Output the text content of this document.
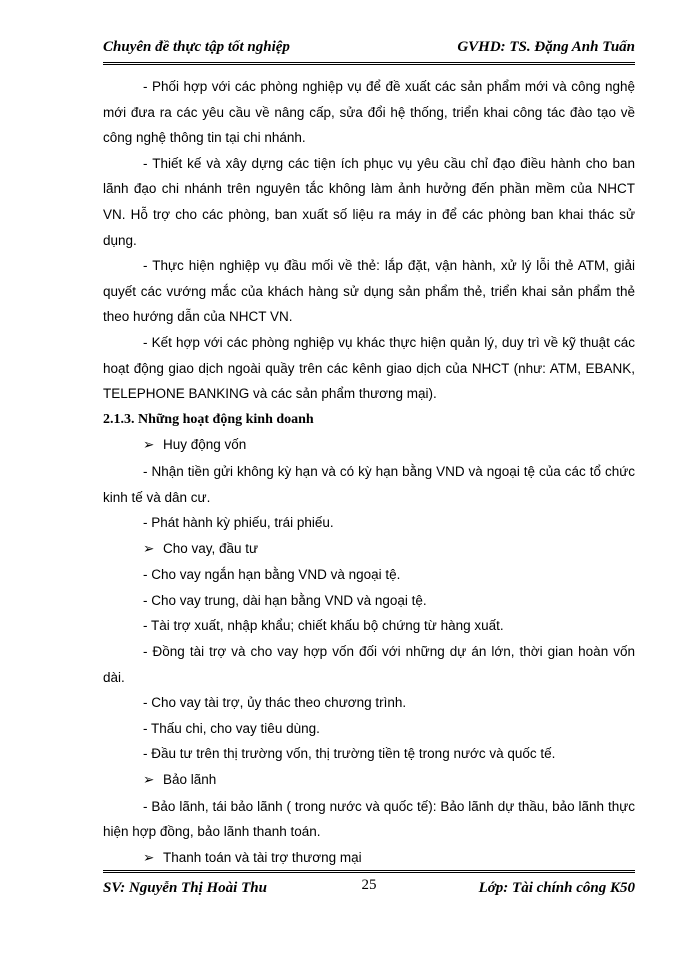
Chuyên đề thực tập tốt nghiệp	GVHD: TS. Đặng Anh Tuấn

- Phối hợp với các phòng nghiệp vụ để đề xuất các sản phẩm mới và công nghệ mới đưa ra các yêu cầu về nâng cấp, sửa đổi hệ thống, triển khai công tác đào tạo về công nghệ thông tin tại chi nhánh.

- Thiết kế và xây dựng các tiện ích phục vụ yêu cầu chỉ đạo điều hành cho ban lãnh đạo chi nhánh trên nguyên tắc không làm ảnh hưởng đến phần mềm của NHCT VN. Hỗ trợ cho các phòng, ban xuất số liệu ra máy in để các phòng ban khai thác sử dụng.

- Thực hiện nghiệp vụ đầu mối về thẻ: lắp đặt, vận hành, xử lý lỗi thẻ ATM, giải quyết các vướng mắc của khách hàng sử dụng sản phẩm thẻ, triển khai sản phẩm thẻ theo hướng dẫn của NHCT VN.

- Kết hợp với các phòng nghiệp vụ khác thực hiện quản lý, duy trì về kỹ thuật các hoạt động giao dịch ngoài quầy trên các kênh giao dịch của NHCT (như: ATM, EBANK, TELEPHONE BANKING và các sản phẩm thương mại).

2.1.3. Những hoạt động kinh doanh

➢ Huy động vốn

- Nhận tiền gửi không kỳ hạn và có kỳ hạn bằng VND và ngoại tệ của các tổ chức kinh tế và dân cư.

- Phát hành kỳ phiếu, trái phiếu.

➢ Cho vay, đầu tư

- Cho vay ngắn hạn bằng VND và ngoại tệ.

- Cho vay trung, dài hạn bằng VND và ngoại tệ.

- Tài trợ xuất, nhập khẩu; chiết khấu bộ chứng từ hàng xuất.

- Đồng tài trợ và cho vay hợp vốn đối với những dự án lớn, thời gian hoàn vốn dài.

- Cho vay tài trợ, ủy thác theo chương trình.

- Thấu chi, cho vay tiêu dùng.

- Đầu tư trên thị trường vốn, thị trường tiền tệ trong nước và quốc tế.

➢ Bảo lãnh

- Bảo lãnh, tái bảo lãnh ( trong nước và quốc tế): Bảo lãnh dự thầu, bảo lãnh thực hiện hợp đồng, bảo lãnh thanh toán.

➢ Thanh toán và tài trợ thương mại

SV: Nguyễn Thị Hoài Thu	25	Lớp: Tài chính công K50
